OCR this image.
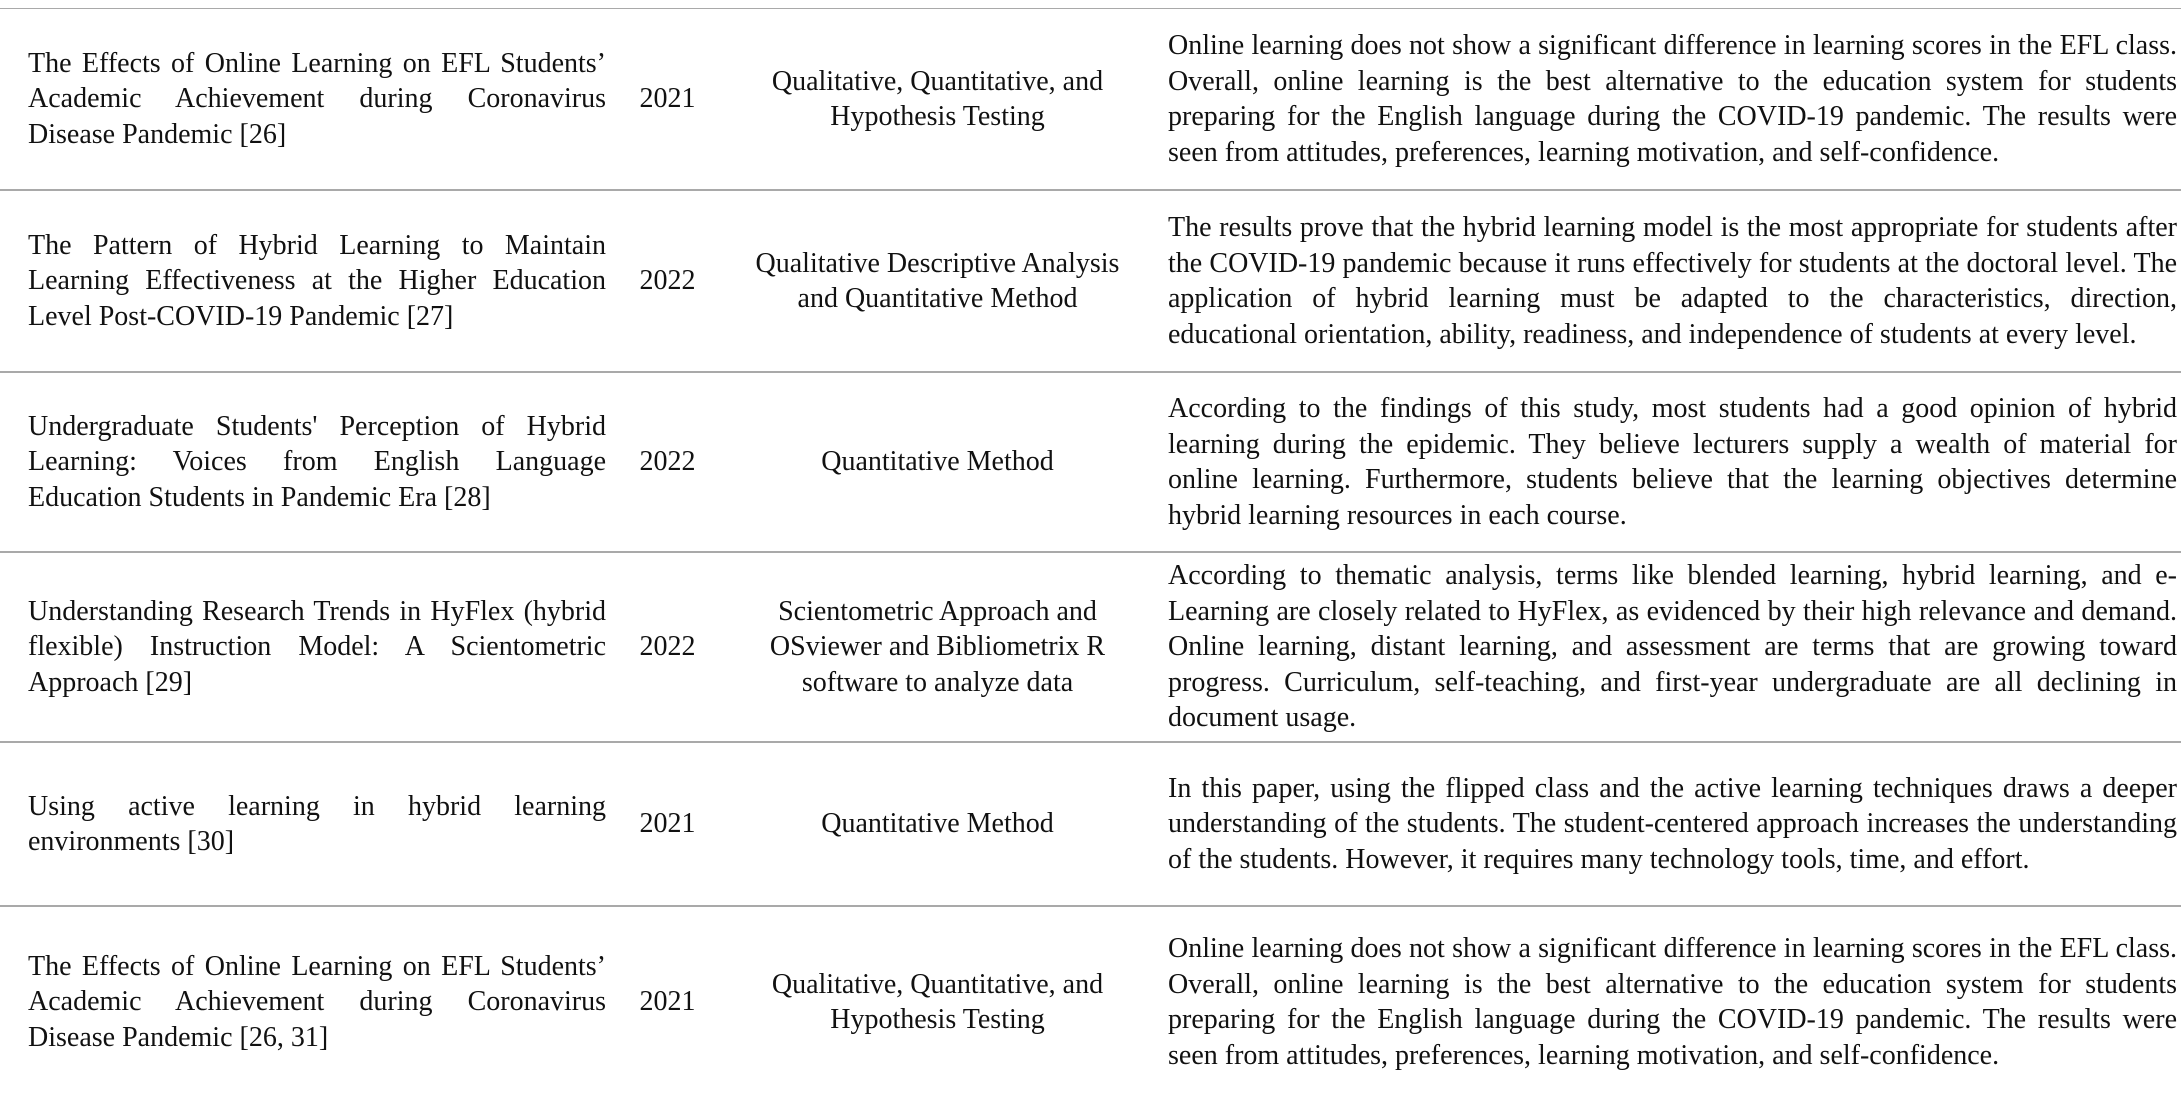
The Effects of Online Learning on EFL Students’ Academic Achievement during Coronavirus Disease Pandemic [26]	2021	Qualitative, Quantitative, and Hypothesis Testing	Online learning does not show a significant difference in learning scores in the EFL class. Overall, online learning is the best alternative to the education system for students preparing for the English language during the COVID-19 pandemic. The results were seen from attitudes, preferences, learning motivation, and self-confidence.

The Pattern of Hybrid Learning to Maintain Learning Effectiveness at the Higher Education Level Post-COVID-19 Pandemic [27]	2022	Qualitative Descriptive Analysis and Quantitative Method	The results prove that the hybrid learning model is the most appropriate for students after the COVID-19 pandemic because it runs effectively for students at the doctoral level. The application of hybrid learning must be adapted to the characteristics, direction, educational orientation, ability, readiness, and independence of students at every level.

Undergraduate Students' Perception of Hybrid Learning: Voices from English Language Education Students in Pandemic Era [28]	2022	Quantitative Method	According to the findings of this study, most students had a good opinion of hybrid learning during the epidemic. They believe lecturers supply a wealth of material for online learning. Furthermore, students believe that the learning objectives determine hybrid learning resources in each course.

Understanding Research Trends in HyFlex (hybrid flexible) Instruction Model: A Scientometric Approach [29]	2022	Scientometric Approach and OSviewer and Bibliometrix R software to analyze data	According to thematic analysis, terms like blended learning, hybrid learning, and e-Learning are closely related to HyFlex, as evidenced by their high relevance and demand. Online learning, distant learning, and assessment are terms that are growing toward progress. Curriculum, self-teaching, and first-year undergraduate are all declining in document usage.

Using active learning in hybrid learning environments [30]	2021	Quantitative Method	In this paper, using the flipped class and the active learning techniques draws a deeper understanding of the students. The student-centered approach increases the understanding of the students. However, it requires many technology tools, time, and effort.

The Effects of Online Learning on EFL Students’ Academic Achievement during Coronavirus Disease Pandemic [26, 31]	2021	Qualitative, Quantitative, and Hypothesis Testing	Online learning does not show a significant difference in learning scores in the EFL class. Overall, online learning is the best alternative to the education system for students preparing for the English language during the COVID-19 pandemic. The results were seen from attitudes, preferences, learning motivation, and self-confidence.
